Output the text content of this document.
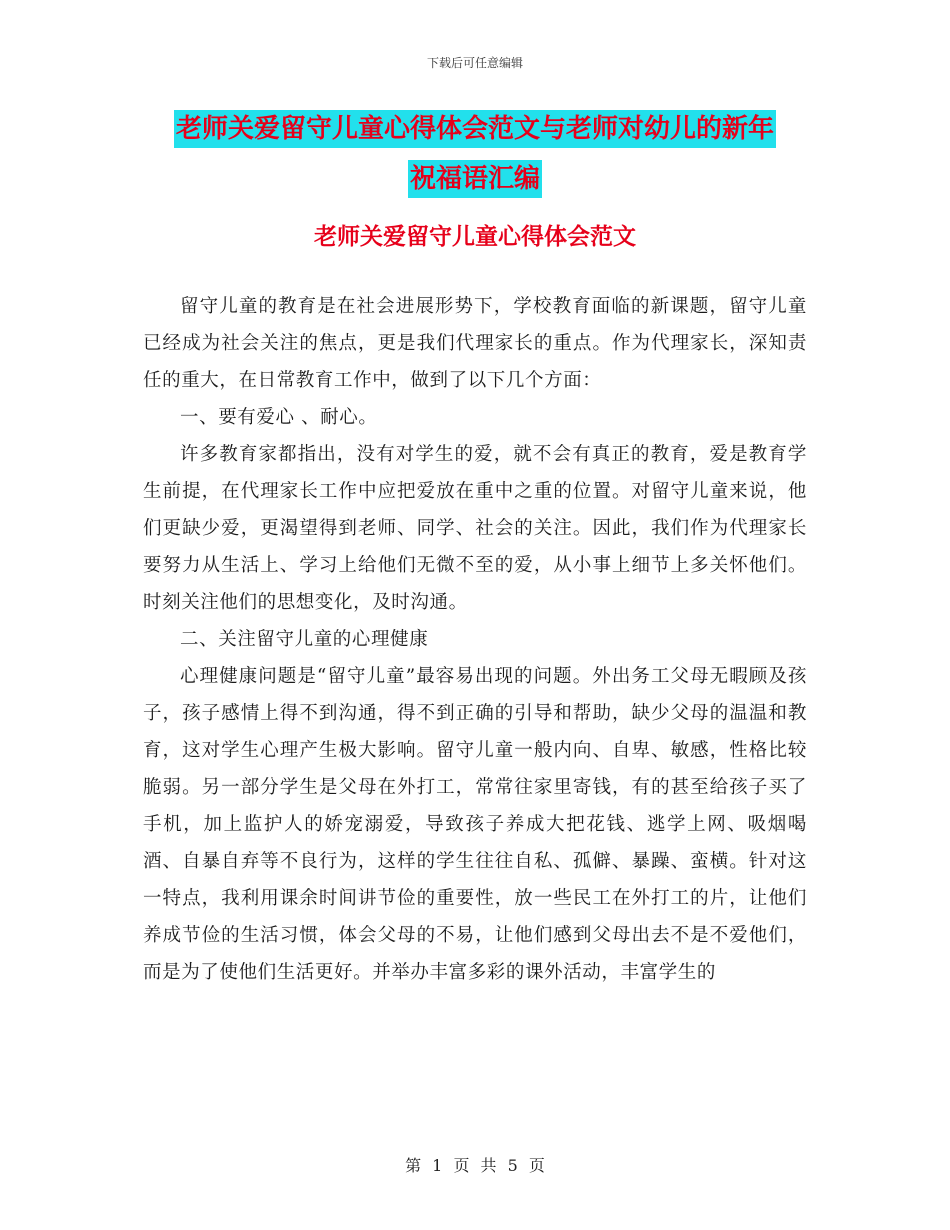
下载后可任意编辑
老师关爱留守儿童心得体会范文与老师对幼儿的新年
祝福语汇编
老师关爱留守儿童心得体会范文

留守儿童的教育是在社会进展形势下，学校教育面临的新课题，留守儿童已经成为社会关注的焦点，更是我们代理家长的重点。作为代理家长，深知责任的重大，在日常教育工作中，做到了以下几个方面：

一、要有爱心 、耐心。

许多教育家都指出，没有对学生的爱，就不会有真正的教育，爱是教育学生前提，在代理家长工作中应把爱放在重中之重的位置。对留守儿童来说，他们更缺少爱，更渴望得到老师、同学、社会的关注。因此，我们作为代理家长要努力从生活上、学习上给他们无微不至的爱，从小事上细节上多关怀他们。时刻关注他们的思想变化，及时沟通。

二、关注留守儿童的心理健康

心理健康问题是“留守儿童”最容易出现的问题。外出务工父母无暇顾及孩子，孩子感情上得不到沟通，得不到正确的引导和帮助，缺少父母的温温和教育，这对学生心理产生极大影响。留守儿童一般内向、自卑、敏感，性格比较脆弱。另一部分学生是父母在外打工，常常往家里寄钱，有的甚至给孩子买了手机，加上监护人的娇宠溺爱，导致孩子养成大把花钱、逃学上网、吸烟喝酒、自暴自弃等不良行为，这样的学生往往自私、孤僻、暴躁、蛮横。针对这一特点，我利用课余时间讲节俭的重要性，放一些民工在外打工的片，让他们养成节俭的生活习惯，体会父母的不易，让他们感到父母出去不是不爱他们，而是为了使他们生活更好。并举办丰富多彩的课外活动，丰富学生的

第 1 页 共 5 页
